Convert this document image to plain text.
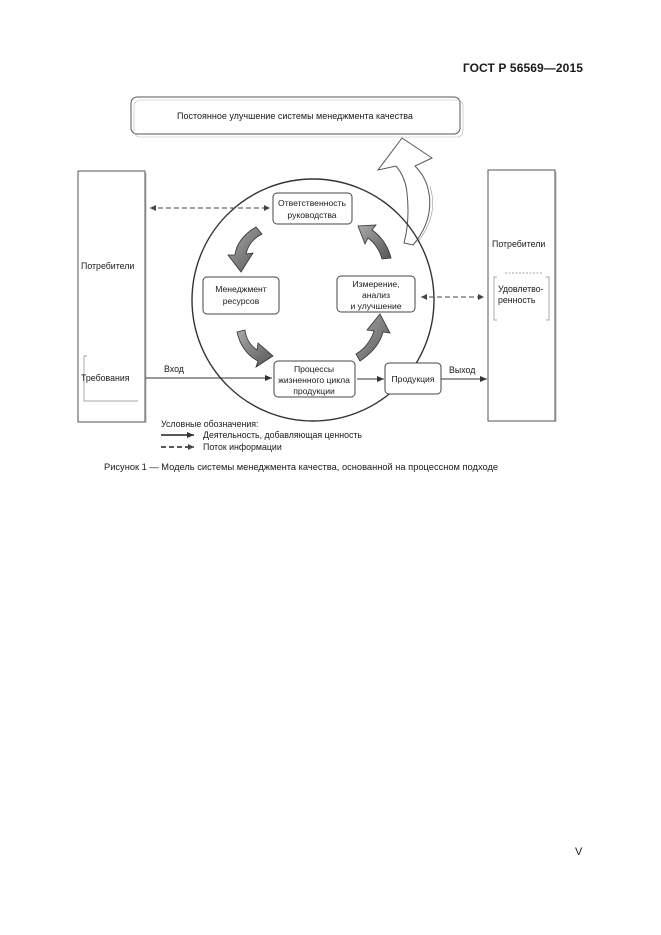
ГОСТ Р 56569—2015
Постоянное улучшение системы менеджмента качества
Потребители
Требования
Потребители
Удовлетво-
ренность
Вход	Выход
Ответственность
руководства
Менеджмент
ресурсов
Измерение,
анализ
и улучшение
Процессы
жизненного цикла
продукции
Продукция
Условные обозначения:
Деятельность, добавляющая ценность
Поток информации
Рисунок 1 — Модель системы менеджмента качества, основанной на процессном подходе
V
